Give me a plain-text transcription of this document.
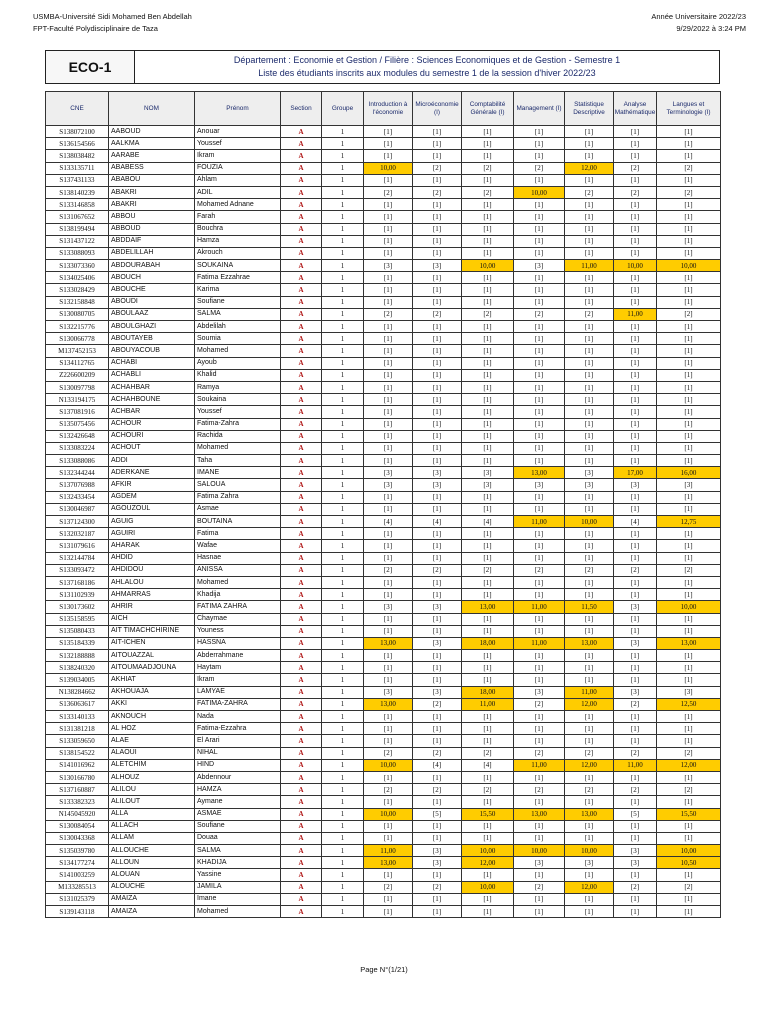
USMBA-Université Sidi Mohamed Ben Abdellah
FPT-Faculté Polydisciplinaire de Taza
Année Universitaire 2022/23
9/29/2022 à 3:24 PM
ECO-1	Département : Economie et Gestion / Filière : Sciences Economiques et de Gestion - Semestre 1
Liste des étudiants inscrits aux modules du semestre 1 de la session d'hiver 2022/23
CNE	NOM	Prénom	Section	Groupe	Introduction à l'économie	Microéconomie (I)	Comptabilité Générale (I)	Management (I)	Statistique Descriptive	Analyse Mathématique	Langues et Terminologie (I)
S138072100	AABOUD	Anouar	A	1	[1]	[1]	[1]	[1]	[1]	[1]	[1]
S136154566	AALKMA	Youssef	A	1	[1]	[1]	[1]	[1]	[1]	[1]	[1]
S138038482	AARABE	Ikram	A	1	[1]	[1]	[1]	[1]	[1]	[1]	[1]
S133135711	ABABESS	FOUZIA	A	1	10,00	[2]	[2]	[2]	12,00	[2]	[2]
S137431133	ABABOU	Ahlam	A	1	[1]	[1]	[1]	[1]	[1]	[1]	[1]
S138140239	ABAKRI	ADIL	A	1	[2]	[2]	[2]	10,00	[2]	[2]	[2]
S133146858	ABAKRI	Mohamed Adnane	A	1	[1]	[1]	[1]	[1]	[1]	[1]	[1]
S131067652	ABBOU	Farah	A	1	[1]	[1]	[1]	[1]	[1]	[1]	[1]
S138199494	ABBOUD	Bouchra	A	1	[1]	[1]	[1]	[1]	[1]	[1]	[1]
S131437122	ABDDAIF	Hamza	A	1	[1]	[1]	[1]	[1]	[1]	[1]	[1]
S133088093	ABDELILLAH	Akrouch	A	1	[1]	[1]	[1]	[1]	[1]	[1]	[1]
S133073360	ABDOURABAH	SOUKAINA	A	1	[3]	[3]	10,00	[3]	11,00	10,00	10,00
S134025406	ABOUCH	Fatima Ezzahrae	A	1	[1]	[1]	[1]	[1]	[1]	[1]	[1]
S133028429	ABOUCHE	Karima	A	1	[1]	[1]	[1]	[1]	[1]	[1]	[1]
S132158848	ABOUDI	Soufiane	A	1	[1]	[1]	[1]	[1]	[1]	[1]	[1]
S130080705	ABOULAAZ	SALMA	A	1	[2]	[2]	[2]	[2]	[2]	11,00	[2]
S132215776	ABOULGHAZI	Abdelilah	A	1	[1]	[1]	[1]	[1]	[1]	[1]	[1]
S130066778	ABOUTAYEB	Soumia	A	1	[1]	[1]	[1]	[1]	[1]	[1]	[1]
M137452153	ABOUYACOUB	Mohamed	A	1	[1]	[1]	[1]	[1]	[1]	[1]	[1]
S134112765	ACHABI	Ayoub	A	1	[1]	[1]	[1]	[1]	[1]	[1]	[1]
Z226600209	ACHABLI	Khalid	A	1	[1]	[1]	[1]	[1]	[1]	[1]	[1]
S130097798	ACHAHBAR	Ramya	A	1	[1]	[1]	[1]	[1]	[1]	[1]	[1]
N133194175	ACHAHBOUNE	Soukaina	A	1	[1]	[1]	[1]	[1]	[1]	[1]	[1]
S137081916	ACHBAR	Youssef	A	1	[1]	[1]	[1]	[1]	[1]	[1]	[1]
S135075456	ACHOUR	Fatima-Zahra	A	1	[1]	[1]	[1]	[1]	[1]	[1]	[1]
S132426648	ACHOURI	Rachida	A	1	[1]	[1]	[1]	[1]	[1]	[1]	[1]
S133083224	ACHOUT	Mohamed	A	1	[1]	[1]	[1]	[1]	[1]	[1]	[1]
S133088086	ADDI	Taha	A	1	[1]	[1]	[1]	[1]	[1]	[1]	[1]
S132344244	ADERKANE	IMANE	A	1	[3]	[3]	[3]	13,00	[3]	17,00	16,00
S137076988	AFKIR	SALOUA	A	1	[3]	[3]	[3]	[3]	[3]	[3]	[3]
S132433454	AGDEM	Fatima Zahra	A	1	[1]	[1]	[1]	[1]	[1]	[1]	[1]
S130046987	AGOUZOUL	Asmae	A	1	[1]	[1]	[1]	[1]	[1]	[1]	[1]
S137124300	AGUIG	BOUTAINA	A	1	[4]	[4]	[4]	11,00	10,00	[4]	12,75
S132032187	AGUIRI	Fatima	A	1	[1]	[1]	[1]	[1]	[1]	[1]	[1]
S131079616	AHARAK	Wafae	A	1	[1]	[1]	[1]	[1]	[1]	[1]	[1]
S132144784	AHDID	Hasnae	A	1	[1]	[1]	[1]	[1]	[1]	[1]	[1]
S133093472	AHDIDOU	ANISSA	A	1	[2]	[2]	[2]	[2]	[2]	[2]	[2]
S137168186	AHLALOU	Mohamed	A	1	[1]	[1]	[1]	[1]	[1]	[1]	[1]
S131102939	AHMARRAS	Khadija	A	1	[1]	[1]	[1]	[1]	[1]	[1]	[1]
S130173602	AHRIR	FATIMA ZAHRA	A	1	[3]	[3]	13,00	11,00	11,50	[3]	10,00
S135158595	AICH	Chaymae	A	1	[1]	[1]	[1]	[1]	[1]	[1]	[1]
S135080433	AIT TIMACHCHIRINE	Youness	A	1	[1]	[1]	[1]	[1]	[1]	[1]	[1]
S135184339	AIT-ICHEN	HASSNA	A	1	13,00	[3]	18,00	11,00	13,00	[3]	13,00
S132188888	AITOUAZZAL	Abderrahmane	A	1	[1]	[1]	[1]	[1]	[1]	[1]	[1]
S138240320	AITOUMAADJOUNA	Haytam	A	1	[1]	[1]	[1]	[1]	[1]	[1]	[1]
S139034005	AKHIAT	Ikram	A	1	[1]	[1]	[1]	[1]	[1]	[1]	[1]
N138284662	AKHOUAJA	LAMYAE	A	1	[3]	[3]	18,00	[3]	11,00	[3]	[3]
S136063617	AKKI	FATIMA-ZAHRA	A	1	13,00	[2]	11,00	[2]	12,00	[2]	12,50
S133140133	AKNOUCH	Nada	A	1	[1]	[1]	[1]	[1]	[1]	[1]	[1]
S131381218	AL HOZ	Fatima-Ezzahra	A	1	[1]	[1]	[1]	[1]	[1]	[1]	[1]
S133059650	ALAE	El Arari	A	1	[1]	[1]	[1]	[1]	[1]	[1]	[1]
S138154522	ALAOUI	NIHAL	A	1	[2]	[2]	[2]	[2]	[2]	[2]	[2]
S141016962	ALETCHIM	HIND	A	1	10,00	[4]	[4]	11,00	12,00	11,00	12,00
S130166780	ALHOUZ	Abdennour	A	1	[1]	[1]	[1]	[1]	[1]	[1]	[1]
S137160887	ALILOU	HAMZA	A	1	[2]	[2]	[2]	[2]	[2]	[2]	[2]
S133382323	ALILOUT	Aymane	A	1	[1]	[1]	[1]	[1]	[1]	[1]	[1]
N145045920	ALLA	ASMAE	A	1	10,00	[5]	15,50	13,00	13,00	[5]	15,50
S130084054	ALLACH	Soufiane	A	1	[1]	[1]	[1]	[1]	[1]	[1]	[1]
S130043368	ALLAM	Douaa	A	1	[1]	[1]	[1]	[1]	[1]	[1]	[1]
S135039780	ALLOUCHE	SALMA	A	1	11,00	[3]	10,00	10,00	10,00	[3]	10,00
S134177274	ALLOUN	KHADIJA	A	1	13,00	[3]	12,00	[3]	[3]	[3]	10,50
S141003259	ALOUAN	Yassine	A	1	[1]	[1]	[1]	[1]	[1]	[1]	[1]
M133285513	ALOUCHE	JAMILA	A	1	[2]	[2]	10,00	[2]	12,00	[2]	[2]
S131025379	AMAIZA	Imane	A	1	[1]	[1]	[1]	[1]	[1]	[1]	[1]
S139143118	AMAIZA	Mohamed	A	1	[1]	[1]	[1]	[1]	[1]	[1]	[1]
Page N°(1/21)
